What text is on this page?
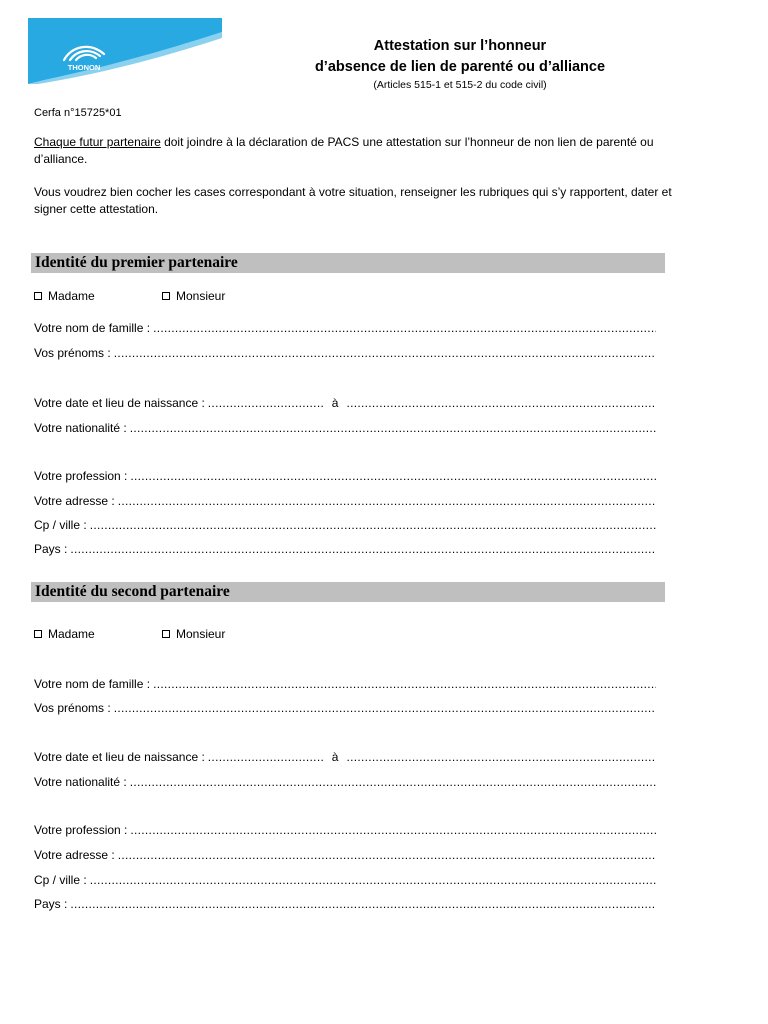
THONON
Attestation sur l’honneur
d’absence de lien de parenté ou d’alliance
(Articles 515-1 et 515-2 du code civil)
Cerfa n°15725*01
Chaque futur partenaire doit joindre à la déclaration de PACS une attestation sur l’honneur de non lien de parenté ou d’alliance.
Vous voudrez bien cocher les cases correspondant à votre situation, renseigner les rubriques qui s’y rapportent, dater et signer cette attestation.
Identité du premier partenaire
Madame	Monsieur
Votre nom de famille :
.....
Vos prénoms :
.....
Votre date et lieu de naissance : .....	à
.....
Votre nationalité :
.....
Votre profession :
.....
Votre adresse :
.....
Cp / ville :
.....
Pays :
.....
Identité du second partenaire
Madame	Monsieur
Votre nom de famille :
.....
Vos prénoms :
.....
Votre date et lieu de naissance : .....	à
.....
Votre nationalité :
.....
Votre profession :
.....
Votre adresse :
.....
Cp / ville :
.....
Pays :
.....
